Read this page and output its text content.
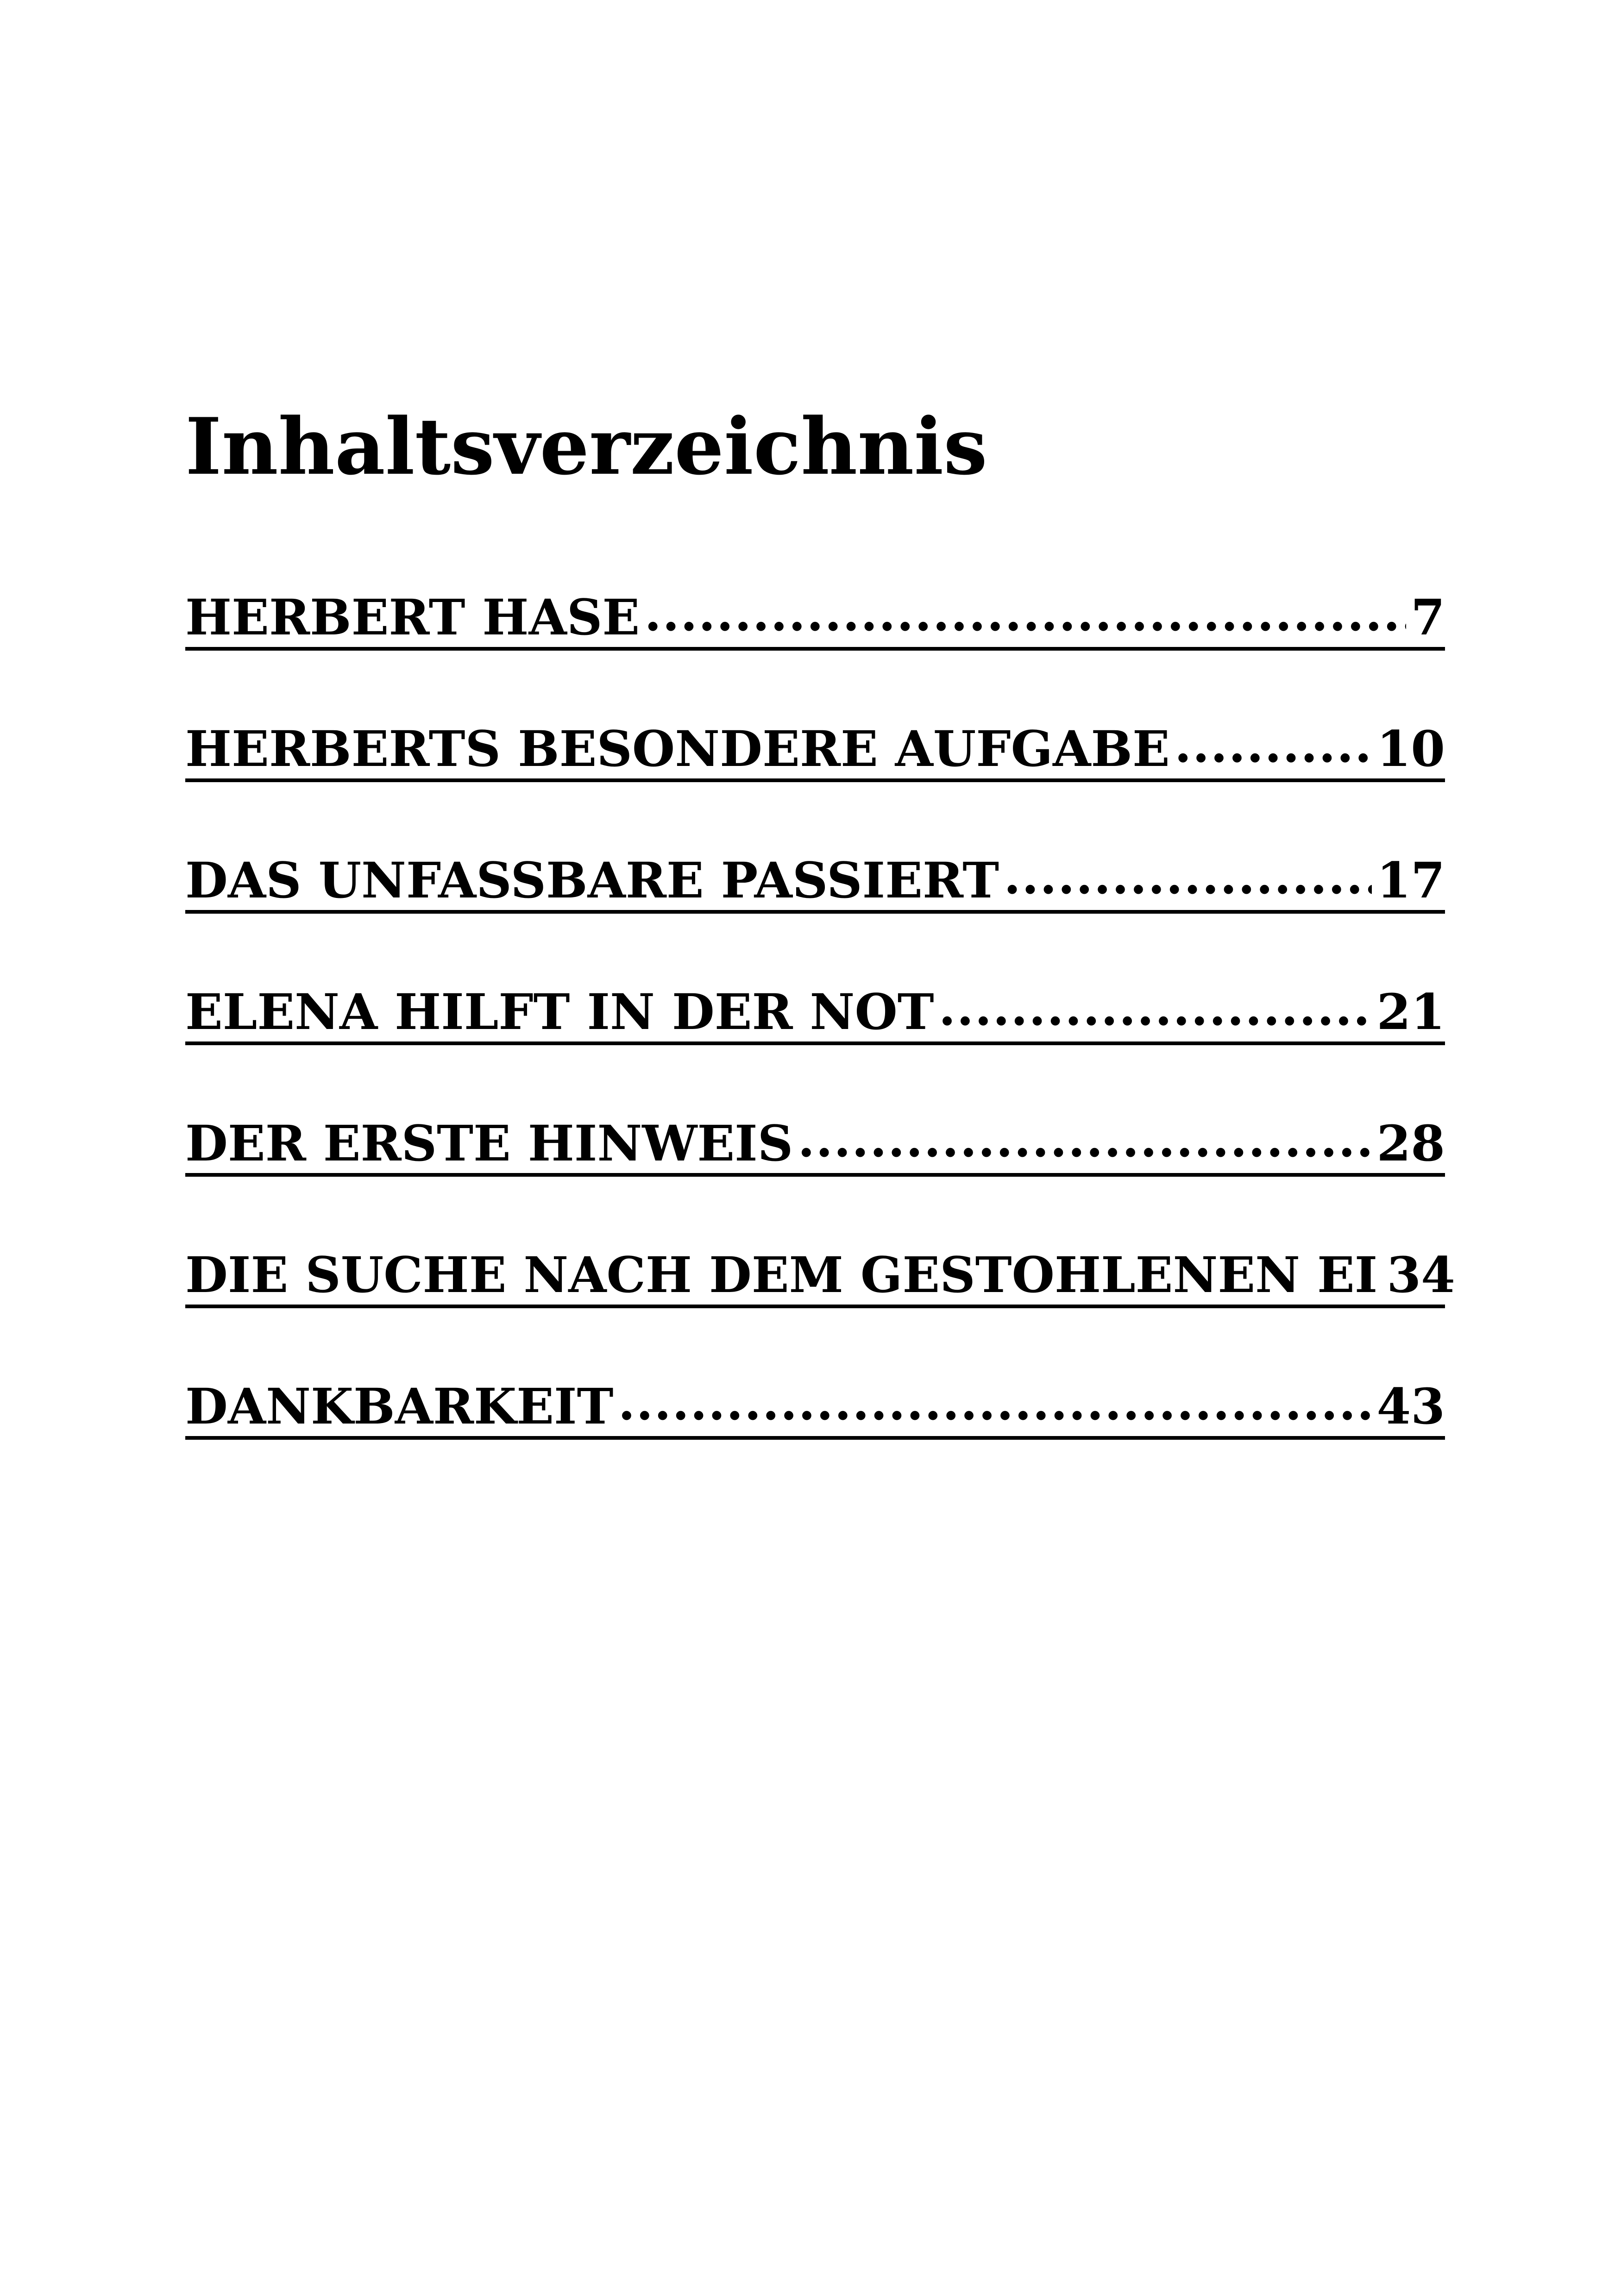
Inhaltsverzeichnis
HERBERT HASE .....	7
HERBERTS BESONDERE AUFGABE .....	10
DAS UNFASSBARE PASSIERT .....	17
ELENA HILFT IN DER NOT .....	21
DER ERSTE HINWEIS .....	28
DIE SUCHE NACH DEM GESTOHLENEN EI 34
DANKBARKEIT .....	43
